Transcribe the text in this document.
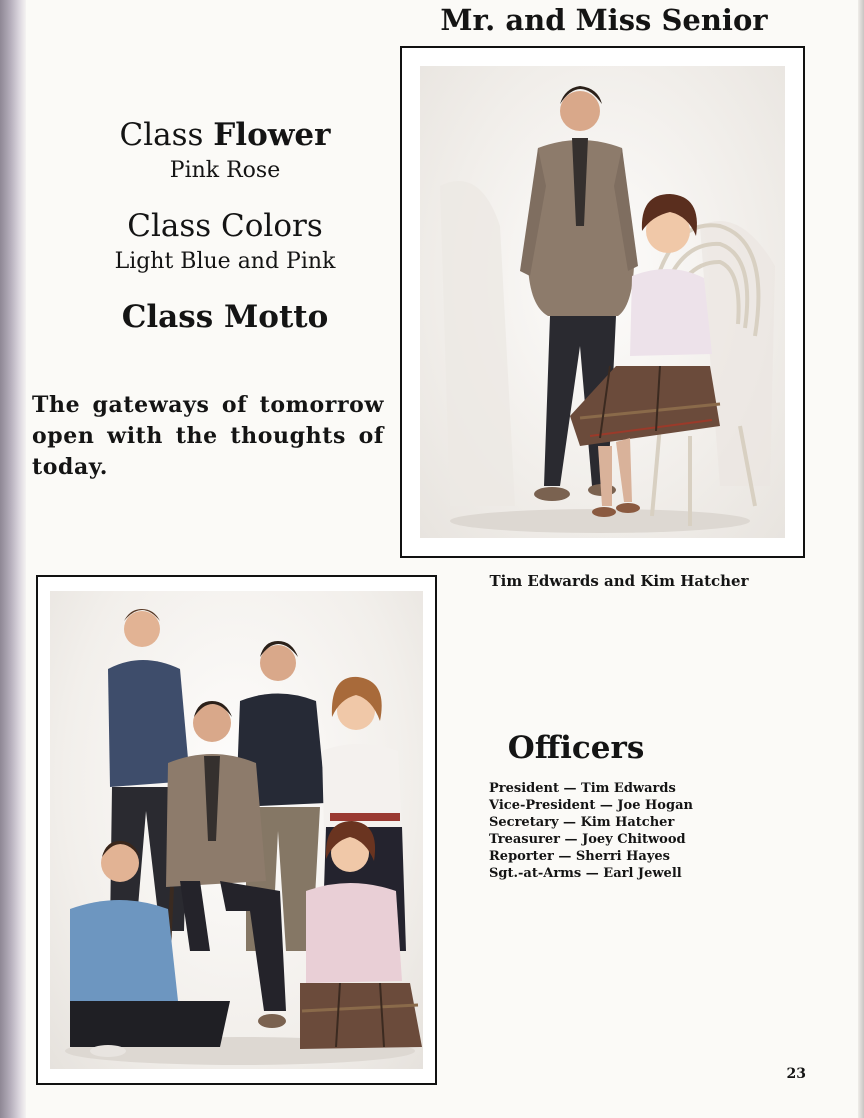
Mr. and Miss Senior
Class Flower

Pink Rose

Class Colors

Light Blue and Pink

Class Motto

The gateways of tomorrow open with the thoughts of today.

Tim Edwards and Kim Hatcher
Officers
President — Tim Edwards
Vice-President — Joe Hogan
Secretary — Kim Hatcher
Treasurer — Joey Chitwood
Reporter — Sherri Hayes
Sgt.-at-Arms — Earl Jewell
23
